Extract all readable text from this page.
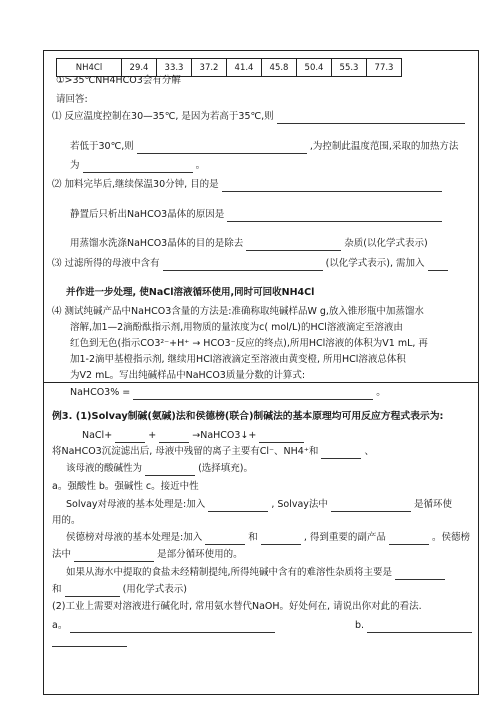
NH4Cl	29.4	33.3	37.2	41.4	45.8	50.4	55.3	77.3
①>35℃NH4HCO3会有分解
请回答:
⑴ 反应温度控制在30—35℃, 是因为若高于35℃,则
若低于30℃,则	,为控制此温度范围,采取的加热方法
为	。
⑵ 加料完毕后,继续保温30分钟, 目的是
静置后只析出NaHCO3晶体的原因是
用蒸馏水洗涤NaHCO3晶体的目的是除去	杂质(以化学式表示)
⑶ 过滤所得的母液中含有	(以化学式表示), 需加入
并作进一步处理, 使NaCl溶液循环使用,同时可回收NH4Cl
⑷ 测试纯碱产品中NaHCO3含量的方法是:准确称取纯碱样品W g,放入锥形瓶中加蒸馏水
溶解,加1—2滴酚酞指示剂,用物质的量浓度为c( mol/L)的HCl溶液滴定至溶液由
红色到无色(指示CO3²⁻+H⁺ → HCO3⁻反应的终点),所用HCl溶液的体积为V1 mL, 再
加1-2滴甲基橙指示剂, 继续用HCl溶液滴定至溶液由黄变橙, 所用HCl溶液总体积
为V2 mL。写出纯碱样品中NaHCO3质量分数的计算式:
NaHCO3% =	。
例3. (1)Solvay制碱(氨碱)法和侯德榜(联合)制碱法的基本原理均可用反应方程式表示为:
NaCl+	+	→NaHCO3↓+
将NaHCO3沉淀滤出后, 母液中残留的离子主要有Cl⁻、NH4⁺和	、
该母液的酸碱性为	(选择填充)。
a。强酸性 b。强碱性 c。接近中性
Solvay对母液的基本处理是:加入	, Solvay法中	是循环使
用的。
侯德榜对母液的基本处理是:加入	和	, 得到重要的副产品	。侯德榜
法中	是部分循环使用的。
如果从海水中提取的食盐未经精制提纯,所得纯碱中含有的难溶性杂质将主要是
和	(用化学式表示)
(2)工业上需要对溶液进行碱化时, 常用氨水替代NaOH。好处何在, 请说出你对此的看法.
a。	b.
